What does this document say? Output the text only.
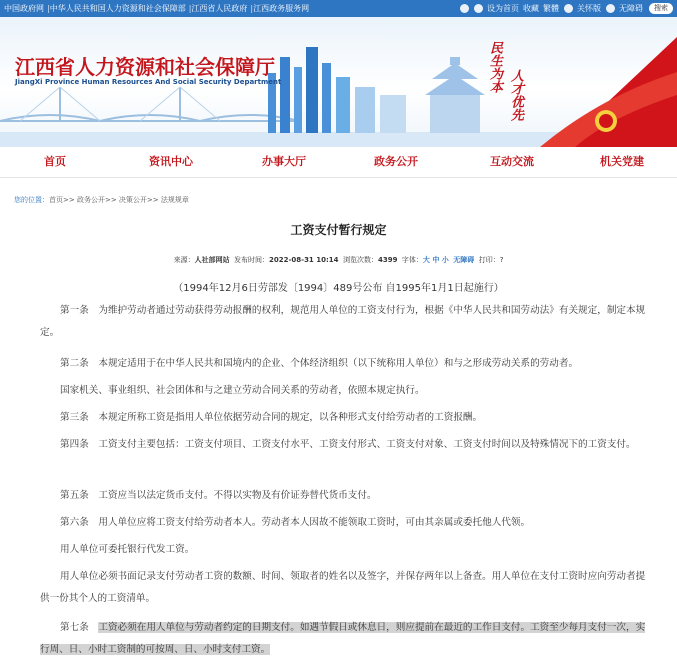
中国政府网 |中华人民共和国人力资源和社会保障部 |江西省人民政府 |江西政务服务网	设为首页 收藏 繁體 关怀版 无障碍	搜索
江西省人力资源和社会保障厅
JiangXi Province Human Resources And Social Security Department	民生为本
人才优先
首页	资讯中心	办事大厅	政务公开	互动交流	机关党建
您的位置：首页>> 政务公开>> 决策公开>> 法规规章
工资支付暂行规定
来源：人社部网站 发布时间：2022-08-31 10:14 浏览次数：4399 字体：大 中 小 无障碍 打印：?
（1994年12月6日劳部发〔1994〕489号公布 自1995年1月1日起施行）
第一条　为维护劳动者通过劳动获得劳动报酬的权利，规范用人单位的工资支付行为，根据《中华人民共和国劳动法》有关规定，制定本规定。
第二条　本规定适用于在中华人民共和国境内的企业、个体经济组织（以下统称用人单位）和与之形成劳动关系的劳动者。
国家机关、事业组织、社会团体和与之建立劳动合同关系的劳动者，依照本规定执行。
第三条　本规定所称工资是指用人单位依据劳动合同的规定，以各种形式支付给劳动者的工资报酬。
第四条　工资支付主要包括：工资支付项目、工资支付水平、工资支付形式、工资支付对象、工资支付时间以及特殊情况下的工资支付。
第五条　工资应当以法定货币支付。不得以实物及有价证券替代货币支付。
第六条　用人单位应将工资支付给劳动者本人。劳动者本人因故不能领取工资时，可由其亲属或委托他人代领。
用人单位可委托银行代发工资。
用人单位必须书面记录支付劳动者工资的数额、时间、领取者的姓名以及签字，并保存两年以上备查。用人单位在支付工资时应向劳动者提供一份其个人的工资清单。
第七条　工资必须在用人单位与劳动者约定的日期支付。如遇节假日或休息日，则应提前在最近的工作日支付。工资至少每月支付一次，实行周、日、小时工资制的可按周、日、小时支付工资。
